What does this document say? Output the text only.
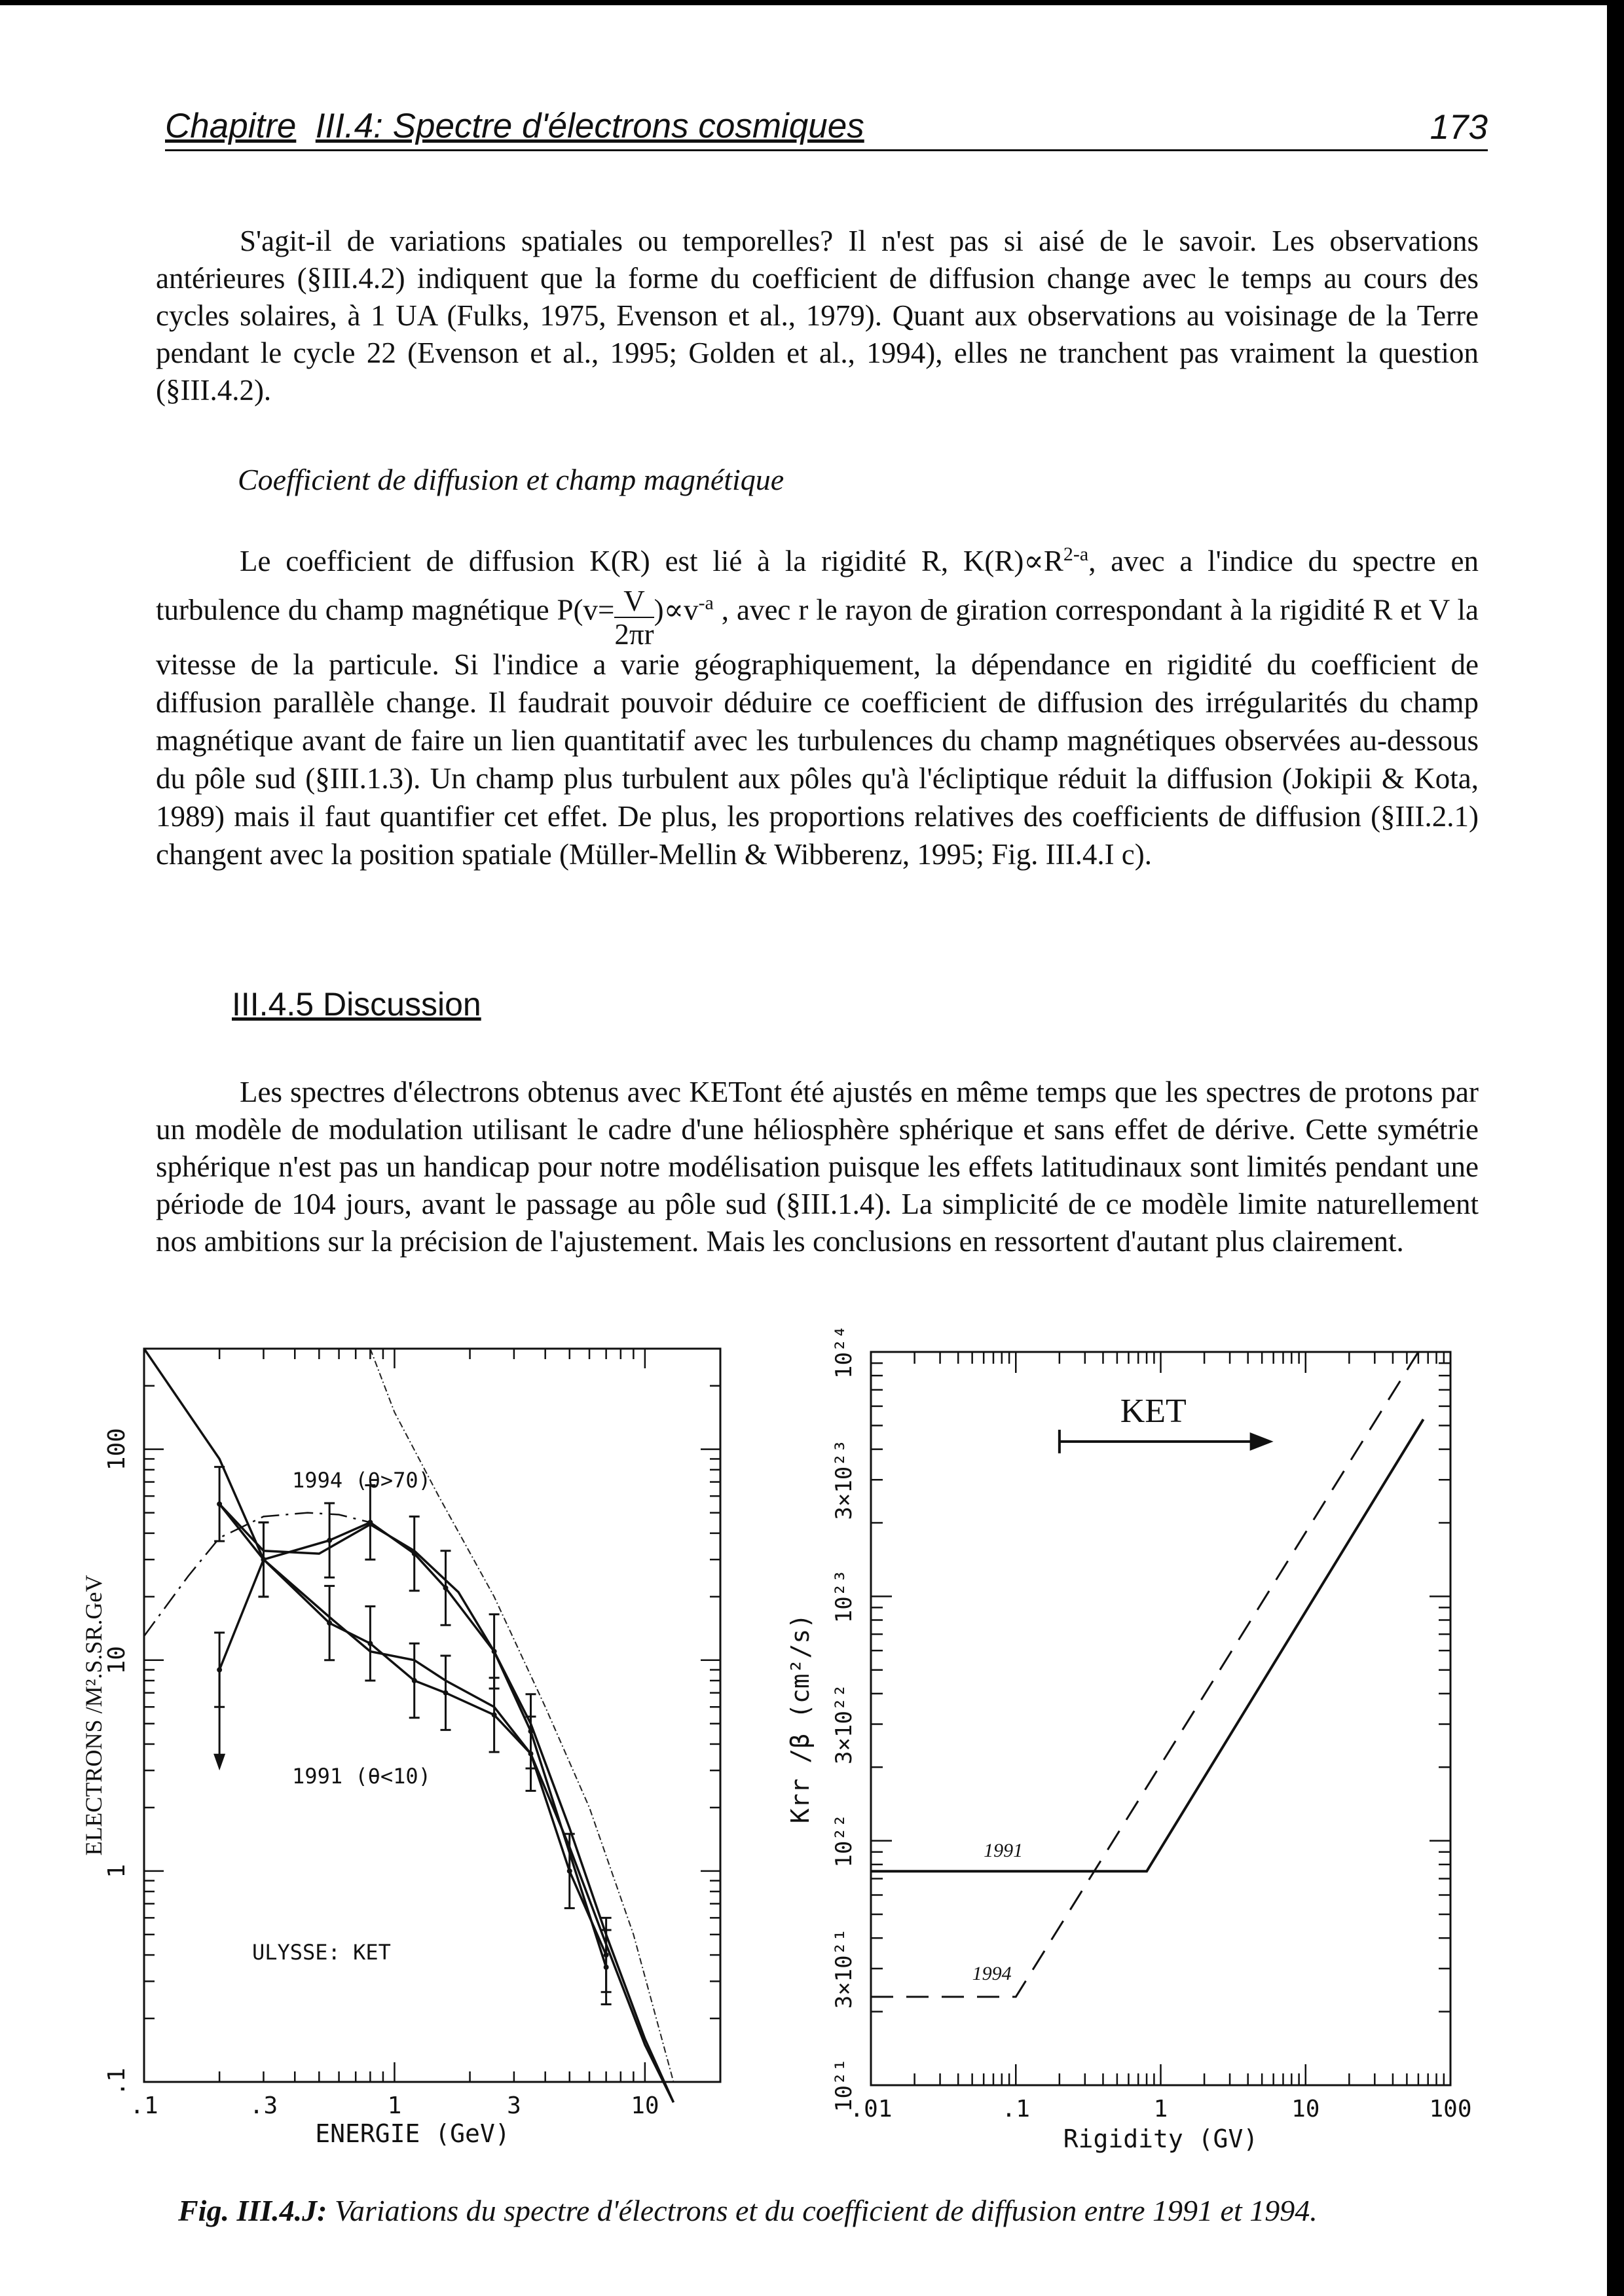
Chapitre III.4: Spectre d'électrons cosmiques	173
S'agit-il de variations spatiales ou temporelles? Il n'est pas si aisé de le savoir. Les observations antérieures (§III.4.2) indiquent que la forme du coefficient de diffusion change avec le temps au cours des cycles solaires, à 1 UA (Fulks, 1975, Evenson et al., 1979). Quant aux observations au voisinage de la Terre pendant le cycle 22 (Evenson et al., 1995; Golden et al., 1994), elles ne tranchent pas vraiment la question (§III.4.2).
Coefficient de diffusion et champ magnétique
Le coefficient de diffusion K(R) est lié à la rigidité R, $K(R)\propto R^{2-a}$, avec a l'indice du spectre en turbulence du champ magnétique $P(v= \frac{V}{2\pi r} )\propto v^{-a}$ , avec r le rayon de giration correspondant à la rigidité R et V la vitesse de la particule. Si l'indice a varie géographiquement, la dépendance en rigidité du coefficient de diffusion parallèle change. Il faudrait pouvoir déduire ce coefficient de diffusion des irrégularités du champ magnétique avant de faire un lien quantitatif avec les turbulences du champ magnétiques observées au-dessous du pôle sud (§III.1.3). Un champ plus turbulent aux pôles qu'à l'écliptique réduit la diffusion (Jokipii & Kota, 1989) mais il faut quantifier cet effet. De plus, les proportions relatives des coefficients de diffusion (§III.2.1) changent avec la position spatiale (Müller-Mellin & Wibberenz, 1995; Fig. III.4.I c).
III.4.5 Discussion
Les spectres d'électrons obtenus avec KETont été ajustés en même temps que les spectres de protons par un modèle de modulation utilisant le cadre d'une héliosphère sphérique et sans effet de dérive. Cette symétrie sphérique n'est pas un handicap pour notre modélisation puisque les effets latitudinaux sont limités pendant une période de 104 jours, avant le passage au pôle sud (§III.1.4). La simplicité de ce modèle limite naturellement nos ambitions sur la précision de l'ajustement. Mais les conclusions en ressortent d'autant plus clairement.
.1	.3	1	3	10
.1
1
10
100
ENERGIE (GeV)
ELECTRONS /M².S.SR.GeV
1994 (θ>70)
1991 (θ<10)
ULYSSE: KET
.01	.1	1	10	100
10²¹
3×10²¹
10²²
3×10²²
10²³
3×10²³
10²⁴
Rigidity (GV)
Krr /β (cm²/s)
KET
1991
1994
Fig. III.4.J: Variations du spectre d'électrons et du coefficient de diffusion entre 1991 et 1994.
